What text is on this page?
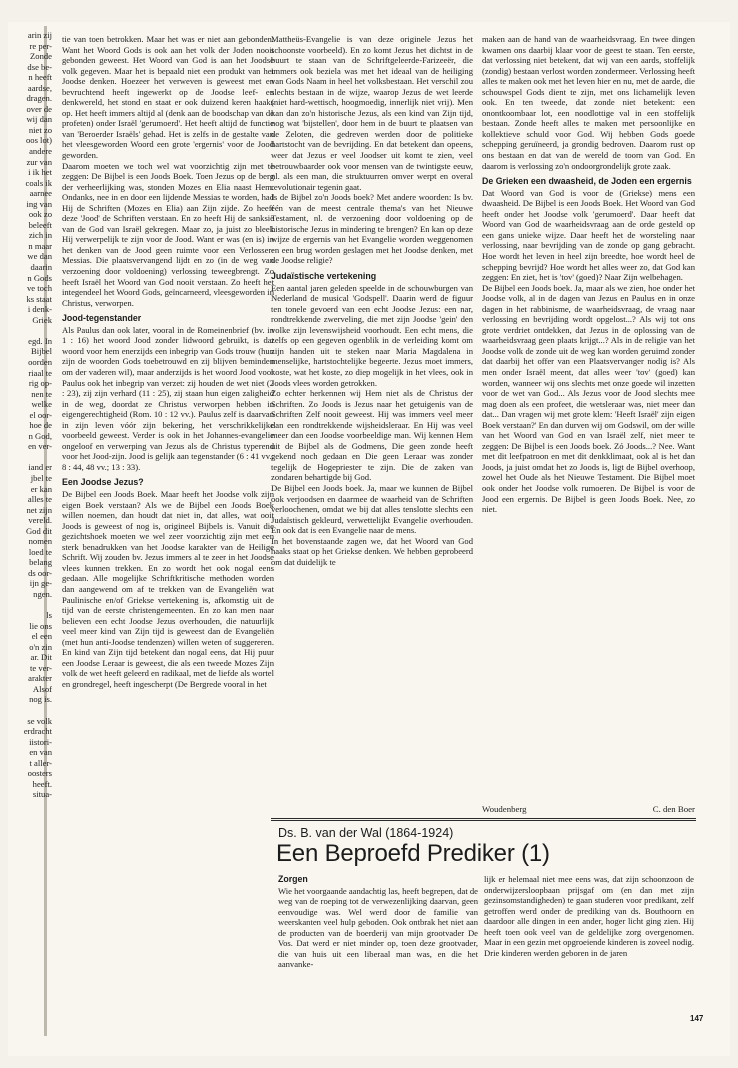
arin zij

re per-

Zonde

dse be-

n heeft

aardse,

dragen.

over de

wij dan

niet zo

oos lot)

andere

zur van

i ik het

coals ik

aarnee

ing van

ook zo

beleeft

zich in

n maar

we dan

daarin

n Gods

ve toch

ks staat

i denk-

Griek

egd. In

Bijbel

oorden

riaal te

rig op-

nen te

welke

el oor-

hoe de

n God,

en ver-

iand er

jbel te

er kan

alles te

net zijn

vereld.

God dit

nomen

loed te

belang

ds oor-

ijn ge-

ngen.

ls

lie ons

el een

o'n zin

ar. Dit

te ver-

arakter

Alsof

nog is.

se volk

erdracht

iistori-

en van

t aller-

oosters

heeft.

situa-

tie van toen betrokken. Maar het was er niet aan gebonden. Want het Woord Gods is ook aan het volk der Joden nooit gebonden geweest. Het Woord van God is aan het Joodse volk gegeven. Maar het is bepaald niet een produkt van het Joodse denken. Hoezeer het verweven is geweest met en bevruchtend heeft ingewerkt op de Joodse leef- en denkwereld, het stond en staat er ook duizend keren haaks op. Het heeft immers altijd al (denk aan de boodschap van de profeten) onder Israël 'gerumoerd'. Het heeft altijd de functie van 'Beroerder Israëls' gehad. Het is zelfs in de gestalte van het vleesgeworden Woord een grote 'ergernis' voor de Jood geworden.

Daarom moeten we toch wel wat voorzichtig zijn met te zeggen: De Bijbel is een Joods Boek. Toen Jezus op de berg der verheerlijking was, stonden Mozes en Elia naast Hem. Ondanks, nee in en door een lijdende Messias te worden, had Hij de Schriften (Mozes en Elia) aan Zijn zijde. Zo heeft deze 'Jood' de Schriften verstaan. En zo heeft Hij de sanksie van de God van Israël gekregen. Maar zo, ja juist zo bleek Hij verwerpelijk te zijn voor de Jood. Want er was (en is) in het denken van de Jood geen ruimte voor een Verlosser-Messias. Die plaatsvervangend lijdt en zo (in de weg van verzoening door voldoening) verlossing teweegbrengt. Zo heeft Israël het Woord van God nooit verstaan. Zo heeft het integendeel het Woord Gods, geïncarneerd, vleesgeworden in Christus, verworpen.

Jood-tegenstander

Als Paulus dan ook later, vooral in de Romeinenbrief (bv. in 1 : 16) het woord Jood zonder lidwoord gebruikt, is dat woord voor hem enerzijds een inbegrip van Gods trouw (hun zijn de woorden Gods toebetrouwd en zij blijven beminden om der vaderen wil), maar anderzijds is het woord Jood voor Paulus ook het inbegrip van verzet: zij houden de wet niet (2 : 23), zij zijn verhard (11 : 25), zij staan hun eigen zaligheid in de weg, doordat ze Christus verworpen hebben in eigengerechtigheid (Rom. 10 : 12 vv.). Paulus zelf is daarvan in zijn leven vóór zijn bekering, het verschrikkelijke voorbeeld geweest. Verder is ook in het Johannes-evangelie ongeloof en verwerping van Jezus als de Christus typerend voor het Jood-zijn. Jood is gelijk aan tegenstander (6 : 41 vv.; 8 : 44, 48 vv.; 13 : 33).

Een Joodse Jezus?

De Bijbel een Joods Boek. Maar heeft het Joodse volk zijn eigen Boek verstaan? Als we de Bijbel een Joods Boek willen noemen, dan houdt dat niet in, dat alles, wat ooit Joods is geweest of nog is, origineel Bijbels is. Vanuit die gezichtshoek moeten we wel zeer voorzichtig zijn met een sterk benadrukken van het Joodse karakter van de Heilige Schrift. Wij zouden bv. Jezus immers al te zeer in het Joodse vlees kunnen trekken. En zo wordt het ook nogal eens gedaan. Alle mogelijke Schriftkritische methoden worden dan aangewend om af te trekken van de Evangeliën wat Paulinische en/of Griekse vertekening is, afkomstig uit de tijd van de eerste christengemeenten. En zo kan men naar believen een echt Joodse Jezus overhouden, die natuurlijk veel meer kind van Zijn tijd is geweest dan de Evangeliën (met hun anti-Joodse tendenzen) willen weten of suggereren. En kind van Zijn tijd betekent dan nogal eens, dat Hij puur een Joodse Leraar is geweest, die als een tweede Mozes Zijn volk de wet heeft geleerd en radikaal, met de liefde als wortel en grondregel, heeft ingescherpt (De Bergrede vooral in het

Mattheüs-Evangelie is van deze originele Jezus het schoonste voorbeeld). En zo komt Jezus het dichtst in de buurt te staan van de Schriftgeleerde-Farizeeër, die immers ook beziela was met het ideaal van de heiliging van Gods Naam in heel het volksbestaan. Het verschil zou slechts bestaan in de wijze, waarop Jezus de wet leerde (niet hard-wettisch, hoogmoedig, innerlijk niet vrij). Men kan dan zo'n historische Jezus, als een kind van Zijn tijd, nog wat 'bijstellen', door hem in de buurt te plaatsen van de Zeloten, die gedreven werden door de politieke hartstocht van de bevrijding. En dat betekent dan opeens, weer dat Jezus er veel Joodser uit komt te zien, veel betrouwbaarder ook voor mensen van de twintigste eeuw, nl. als een man, die struktuurren omver werpt en overal revolutionair tegenin gaat.

Is de Bijbel zo'n Joods boek? Met andere woorden: Is bv. één van de meest centrale thema's van het Nieuwe Testament, nl. de verzoening door voldoening op de historische Jezus in mindering te brengen? En kan op deze wijze de ergernis van het Evangelie worden weggenomen en een brug worden geslagen met het Joodse denken, met de Joodse religie?

Judaïstische vertekening

Een aantal jaren geleden speelde in de schouwburgen van Nederland de musical 'Godspell'. Daarin werd de figuur ten tonele gevoerd van een echt Joodse Jezus: een nar, rondtrekkende zwerveling, die met zijn Joodse 'gein' den volke zijn levenswijsheid voorhoudt. Een echt mens, die zelfs op een gegeven ogenblik in de verleiding komt om zijn handen uit te steken naar Maria Magdalena in menselijke, hartstochtelijke begeerte. Jezus moet immers, koste, wat het koste, zo diep mogelijk in het vlees, ook in Joods vlees worden getrokken.

Zo echter herkennen wij Hem niet als de Christus der Schriften. Zo Joods is Jezus naar het getuigenis van de Schriften Zelf nooit geweest. Hij was immers veel meer dan een rondtrekkende wijsheidsleraar. En Hij was veel meer dan een Joodse voorbeeldige man. Wij kennen Hem uit de Bijbel als de Godmens, Die geen zonde heeft gekend noch gedaan en Die geen Leraar was zonder tegelijk de Hogepriester te zijn. Die de zaken van zondaren behartigde bij God.

De Bijbel een Joods boek. Ja, maar we kunnen de Bijbel ook verjoodsen en daarmee de waarheid van de Schriften verloochenen, omdat we bij dat alles tenslotte slechts een Judaïstisch gekleurd, verwettelijkt Evangelie overhouden. En ook dat is een Evangelie naar de mens.

In het bovenstaande zagen we, dat het Woord van God haaks staat op het Griekse denken. We hebben geprobeerd om dat duidelijk te

maken aan de hand van de waarheidsvraag. En twee dingen kwamen ons daarbij klaar voor de geest te staan. Ten eerste, dat verlossing niet betekent, dat wij van een aards, stoffelijk (zondig) bestaan verlost worden zondermeer. Verlossing heeft alles te maken ook met het leven hier en nu, met de aarde, die schouwspel Gods dient te zijn, met ons lichamelijk leven ook. En ten tweede, dat zonde niet betekent: een onontkoombaar lot, een noodlottige val in een stoffelijk bestaan. Zonde heeft alles te maken met persoonlijke en kollektieve schuld voor God. Wij hebben Gods goede schepping geruïneerd, ja grondig bedroven. Daarom rust op ons bestaan en dat van de wereld de toorn van God. En daarom is verlossing zo'n ondoorgrondelijk grote zaak.

De Grieken een dwaasheid, de Joden een ergernis

Dat Woord van God is voor de (Griekse) mens een dwaasheid. De Bijbel is een Joods Boek. Het Woord van God heeft onder het Joodse volk 'gerumoerd'. Daar heeft dat Woord van God de waarheidsvraag aan de orde gesteld op een gans unieke wijze. Daar heeft het de worsteling naar verlossing, naar bevrijding van de zonde op gang gebracht. Hoe wordt het leven in heel zijn breedte, hoe wordt heel de schepping bevrijd? Hoe wordt het alles weer zo, dat God kan zeggen: En ziet, het is 'tov' (goed)? Naar Zijn welbehagen.

De Bijbel een Joods boek. Ja, maar als we zien, hoe onder het Joodse volk, al in de dagen van Jezus en Paulus en in onze dagen in het rabbinisme, de waarheidsvraag, de vraag naar verlossing en bevrijding wordt opgelost...? Als wij tot ons grote verdriet ontdekken, dat Jezus in de oplossing van de waarheidsvraag geen plaats krijgt...? Als in de religie van het Joodse volk de zonde uit de weg kan worden geruimd zonder dat daarbij het offer van een Plaatsvervanger nodig is? Als men onder Israël meent, dat alles weer 'tov' (goed) kan worden, wanneer wij ons slechts met onze goede wil inzetten voor de wet van God... Als Jezus voor de Jood slechts mee mag doen als een profeet, die wetsleraar was, niet meer dan dat... Dan vragen wij met grote klem: 'Heeft Israël' zijn eigen Boek verstaan?' En dan durven wij om Godswil, om der wille van het Woord van God en van Israël zelf, niet meer te zeggen: De Bijbel is een Joods boek. Zó Joods...? Nee. Want met dit leefpatroon en met dit denkklimaat, ook al is het dan Joods, ja juist omdat het zo Joods is, ligt de Bijbel overhoop, zowel het Oude als het Nieuwe Testament. Die Bijbel moet ook onder het Joodse volk rumoeren. De Bijbel is voor de Jood een ergernis. De Bijbel is geen Joods Boek. Nee, zo niet.

Woudenberg	C. den Boer
Ds. B. van der Wal (1864-1924)
Een Beproefd Prediker (1)
Zorgen

Wie het voorgaande aandachtig las, heeft begrepen, dat de weg van de roeping tot de verwezenlijking daarvan, geen eenvoudige was. Wel werd door de familie van weerskanten veel hulp geboden. Ook ontbrak het niet aan de producten van de boerderij van mijn grootvader De Vos. Dat werd er niet minder op, toen deze grootvader, die van huis uit een liberaal man was, en die het aanvanke-

lijk er helemaal niet mee eens was, dat zijn schoonzoon de onderwijzersloopbaan prijsgaf om (en dan met zijn gezinsomstandigheden) te gaan studeren voor predikant, zelf getroffen werd onder de prediking van ds. Bouthoorn en daardoor alle dingen in een ander, hoger licht ging zien. Hij heeft toen ook veel van de geldelijke zorg overgenomen. Maar in een gezin met opgroeiende kinderen is zoveel nodig. Drie kinderen werden geboren in de jaren

147
